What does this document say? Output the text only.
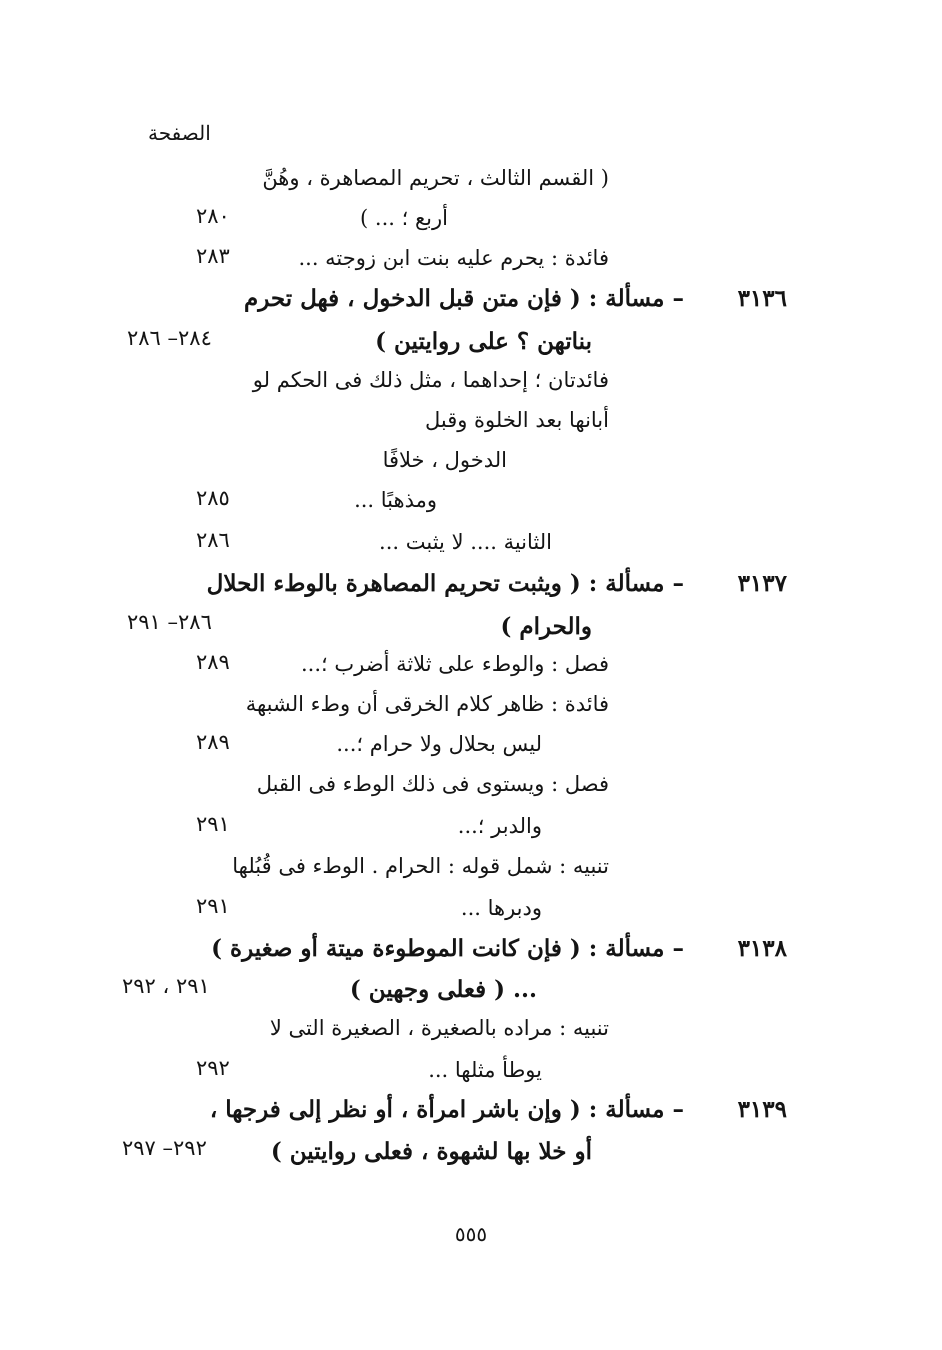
الصفحة
( القسم الثالث ، تحريم المصاهرة ، وهُنَّ
أربع ؛ ... )
٢٨٠
فائدة : يحرم عليه بنت ابن زوجته ...
٢٨٣
٣١٣٦
– مسألة : ( فإن متن قبل الدخول ، فهل تحرم
بناتهن ؟ على روايتين )
٢٨٤– ٢٨٦
فائدتان ؛ إحداهما ، مثل ذلك فى الحكم لو
أبانها بعد الخلوة وقبل
الدخول ، خلافًا
ومذهبًا ...
٢٨٥
الثانية .... لا يثبت ...
٢٨٦
٣١٣٧
– مسألة : ( ويثبت تحريم المصاهرة بالوطء الحلال
والحرام )
٢٨٦– ٢٩١
فصل : والوطء على ثلاثة أضرب ؛...
٢٨٩
فائدة : ظاهر كلام الخرقى أن وطء الشبهة
ليس بحلال ولا حرام ؛...
٢٨٩
فصل : ويستوى فى ذلك الوطء فى القبل
والدبر ؛...
٢٩١
تنبيه : شمل قوله : الحرام . الوطء فى قُبُلها
ودبرها ...
٢٩١
٣١٣٨
– مسألة : ( فإن كانت الموطوءة ميتة أو صغيرة )
... ( فعلى وجهين )
٢٩١ ، ٢٩٢
تنبيه : مراده بالصغيرة ، الصغيرة التى لا
يوطأ مثلها ...
٢٩٢
٣١٣٩
– مسألة : ( وإن باشر امرأة ، أو نظر إلى فرجها ،
أو خلا بها لشهوة ، فعلى روايتين )
٢٩٢– ٢٩٧
٥٥٥
